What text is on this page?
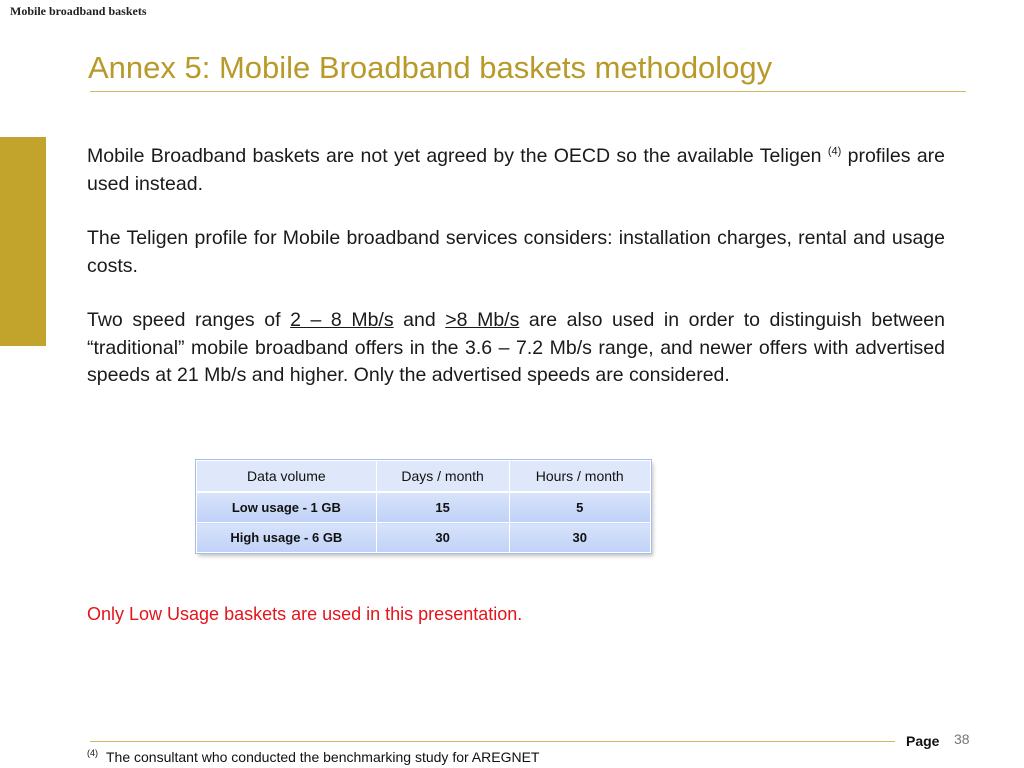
Mobile broadband baskets
Annex 5: Mobile Broadband baskets methodology

Mobile Broadband baskets are not yet agreed by the OECD so the available Teligen $^{(4)}$ profiles are used instead.

The Teligen profile for Mobile broadband services considers: installation charges, rental and usage costs.

Two speed ranges of 2 – 8 Mb/s and >8 Mb/s are also used in order to distinguish between “traditional” mobile broadband offers in the 3.6 – 7.2 Mb/s range, and newer offers with advertised speeds at 21 Mb/s and higher. Only the advertised speeds are considered.

Data volume	Days / month	Hours / month
Low usage - 1 GB	15	5
High usage - 6 GB	30	30
Only Low Usage baskets are used in this presentation.
Page 38
$^{(4)}$ The consultant who conducted the benchmarking study for AREGNET
